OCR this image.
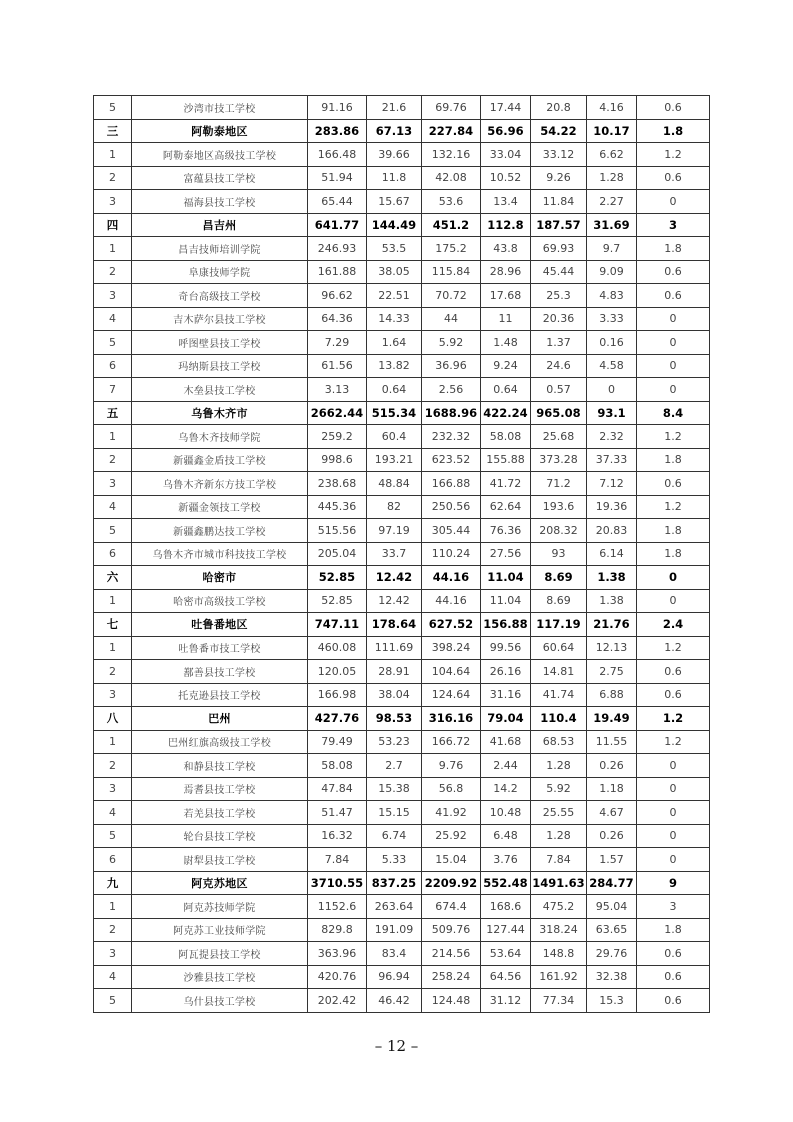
5	沙湾市技工学校	91.16	21.6	69.76	17.44	20.8	4.16	0.6
三	阿勒泰地区	283.86	67.13	227.84	56.96	54.22	10.17	1.8
1	阿勒泰地区高级技工学校	166.48	39.66	132.16	33.04	33.12	6.62	1.2
2	富蕴县技工学校	51.94	11.8	42.08	10.52	9.26	1.28	0.6
3	福海县技工学校	65.44	15.67	53.6	13.4	11.84	2.27	0
四	昌吉州	641.77	144.49	451.2	112.8	187.57	31.69	3
1	昌吉技师培训学院	246.93	53.5	175.2	43.8	69.93	9.7	1.8
2	阜康技师学院	161.88	38.05	115.84	28.96	45.44	9.09	0.6
3	奇台高级技工学校	96.62	22.51	70.72	17.68	25.3	4.83	0.6
4	吉木萨尔县技工学校	64.36	14.33	44	11	20.36	3.33	0
5	呼图壁县技工学校	7.29	1.64	5.92	1.48	1.37	0.16	0
6	玛纳斯县技工学校	61.56	13.82	36.96	9.24	24.6	4.58	0
7	木垒县技工学校	3.13	0.64	2.56	0.64	0.57	0	0
五	乌鲁木齐市	2662.44	515.34	1688.96	422.24	965.08	93.1	8.4
1	乌鲁木齐技师学院	259.2	60.4	232.32	58.08	25.68	2.32	1.2
2	新疆鑫金盾技工学校	998.6	193.21	623.52	155.88	373.28	37.33	1.8
3	乌鲁木齐新东方技工学校	238.68	48.84	166.88	41.72	71.2	7.12	0.6
4	新疆金领技工学校	445.36	82	250.56	62.64	193.6	19.36	1.2
5	新疆鑫鹏达技工学校	515.56	97.19	305.44	76.36	208.32	20.83	1.8
6	乌鲁木齐市城市科技技工学校	205.04	33.7	110.24	27.56	93	6.14	1.8
六	哈密市	52.85	12.42	44.16	11.04	8.69	1.38	0
1	哈密市高级技工学校	52.85	12.42	44.16	11.04	8.69	1.38	0
七	吐鲁番地区	747.11	178.64	627.52	156.88	117.19	21.76	2.4
1	吐鲁番市技工学校	460.08	111.69	398.24	99.56	60.64	12.13	1.2
2	鄯善县技工学校	120.05	28.91	104.64	26.16	14.81	2.75	0.6
3	托克逊县技工学校	166.98	38.04	124.64	31.16	41.74	6.88	0.6
八	巴州	427.76	98.53	316.16	79.04	110.4	19.49	1.2
1	巴州红旗高级技工学校	79.49	53.23	166.72	41.68	68.53	11.55	1.2
2	和静县技工学校	58.08	2.7	9.76	2.44	1.28	0.26	0
3	焉耆县技工学校	47.84	15.38	56.8	14.2	5.92	1.18	0
4	若羌县技工学校	51.47	15.15	41.92	10.48	25.55	4.67	0
5	轮台县技工学校	16.32	6.74	25.92	6.48	1.28	0.26	0
6	尉犁县技工学校	7.84	5.33	15.04	3.76	7.84	1.57	0
九	阿克苏地区	3710.55	837.25	2209.92	552.48	1491.63	284.77	9
1	阿克苏技师学院	1152.6	263.64	674.4	168.6	475.2	95.04	3
2	阿克苏工业技师学院	829.8	191.09	509.76	127.44	318.24	63.65	1.8
3	阿瓦提县技工学校	363.96	83.4	214.56	53.64	148.8	29.76	0.6
4	沙雅县技工学校	420.76	96.94	258.24	64.56	161.92	32.38	0.6
5	乌什县技工学校	202.42	46.42	124.48	31.12	77.34	15.3	0.6
– 12 –
